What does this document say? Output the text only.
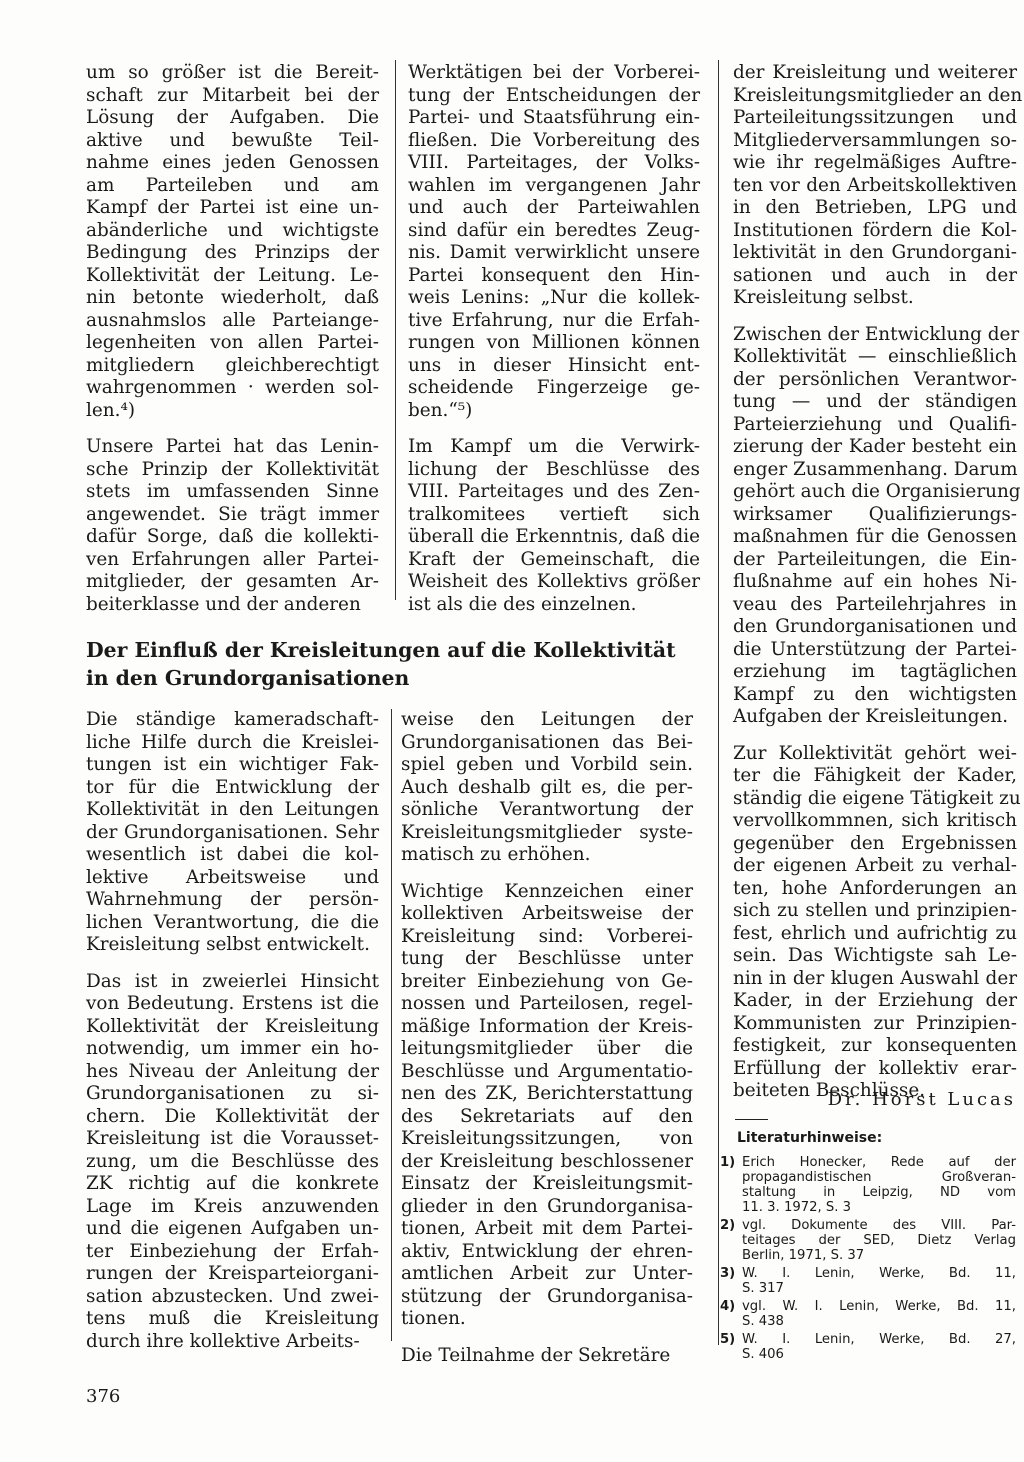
um so größer ist die Bereit-
schaft zur Mitarbeit bei der
Lösung der Aufgaben. Die
aktive und bewußte Teil-
nahme eines jeden Genossen
am Parteileben und am
Kampf der Partei ist eine un-
abänderliche und wichtigste
Bedingung des Prinzips der
Kollektivität der Leitung. Le-
nin betonte wiederholt, daß
ausnahmslos alle Parteiange-
legenheiten von allen Partei-
mitgliedern gleichberechtigt
wahrgenommen · werden sol-
len.⁴)

Unsere Partei hat das Lenin-
sche Prinzip der Kollektivität
stets im umfassenden Sinne
angewendet. Sie trägt immer
dafür Sorge, daß die kollekti-
ven Erfahrungen aller Partei-
mitglieder, der gesamten Ar-
beiterklasse und der anderen

Werktätigen bei der Vorberei-
tung der Entscheidungen der
Partei- und Staatsführung ein-
fließen. Die Vorbereitung des
VIII. Parteitages, der Volks-
wahlen im vergangenen Jahr
und auch der Parteiwahlen
sind dafür ein beredtes Zeug-
nis. Damit verwirklicht unsere
Partei konsequent den Hin-
weis Lenins: „Nur die kollek-
tive Erfahrung, nur die Erfah-
rungen von Millionen können
uns in dieser Hinsicht ent-
scheidende Fingerzeige ge-
ben.“⁵)

Im Kampf um die Verwirk-
lichung der Beschlüsse des
VIII. Parteitages und des Zen-
tralkomitees vertieft sich
überall die Erkenntnis, daß die
Kraft der Gemeinschaft, die
Weisheit des Kollektivs größer
ist als die des einzelnen.

der Kreisleitung und weiterer
Kreisleitungsmitglieder an den
Parteileitungssitzungen und
Mitgliederversammlungen so-
wie ihr regelmäßiges Auftre-
ten vor den Arbeitskollektiven
in den Betrieben, LPG und
Institutionen fördern die Kol-
lektivität in den Grundorgani-
sationen und auch in der
Kreisleitung selbst.

Zwischen der Entwicklung der
Kollektivität — einschließlich
der persönlichen Verantwor-
tung — und der ständigen
Parteierziehung und Qualifi-
zierung der Kader besteht ein
enger Zusammenhang. Darum
gehört auch die Organisierung
wirksamer Qualifizierungs-
maßnahmen für die Genossen
der Parteileitungen, die Ein-
flußnahme auf ein hohes Ni-
veau des Parteilehrjahres in
den Grundorganisationen und
die Unterstützung der Partei-
erziehung im tagtäglichen
Kampf zu den wichtigsten
Aufgaben der Kreisleitungen.

Zur Kollektivität gehört wei-
ter die Fähigkeit der Kader,
ständig die eigene Tätigkeit zu
vervollkommnen, sich kritisch
gegenüber den Ergebnissen
der eigenen Arbeit zu verhal-
ten, hohe Anforderungen an
sich zu stellen und prinzipien-
fest, ehrlich und aufrichtig zu
sein. Das Wichtigste sah Le-
nin in der klugen Auswahl der
Kader, in der Erziehung der
Kommunisten zur Prinzipien-
festigkeit, zur konsequenten
Erfüllung der kollektiv erar-
beiteten Beschlüsse.

Der Einfluß der Kreisleitungen auf die Kollektivität
in den Grundorganisationen

Die ständige kameradschaft-
liche Hilfe durch die Kreislei-
tungen ist ein wichtiger Fak-
tor für die Entwicklung der
Kollektivität in den Leitungen
der Grundorganisationen. Sehr
wesentlich ist dabei die kol-
lektive Arbeitsweise und
Wahrnehmung der persön-
lichen Verantwortung, die die
Kreisleitung selbst entwickelt.

Das ist in zweierlei Hinsicht
von Bedeutung. Erstens ist die
Kollektivität der Kreisleitung
notwendig, um immer ein ho-
hes Niveau der Anleitung der
Grundorganisationen zu si-
chern. Die Kollektivität der
Kreisleitung ist die Vorausset-
zung, um die Beschlüsse des
ZK richtig auf die konkrete
Lage im Kreis anzuwenden
und die eigenen Aufgaben un-
ter Einbeziehung der Erfah-
rungen der Kreisparteiorgani-
sation abzustecken. Und zwei-
tens muß die Kreisleitung
durch ihre kollektive Arbeits-

weise den Leitungen der
Grundorganisationen das Bei-
spiel geben und Vorbild sein.
Auch deshalb gilt es, die per-
sönliche Verantwortung der
Kreisleitungsmitglieder syste-
matisch zu erhöhen.

Wichtige Kennzeichen einer
kollektiven Arbeitsweise der
Kreisleitung sind: Vorberei-
tung der Beschlüsse unter
breiter Einbeziehung von Ge-
nossen und Parteilosen, regel-
mäßige Information der Kreis-
leitungsmitglieder über die
Beschlüsse und Argumentatio-
nen des ZK, Berichterstattung
des Sekretariats auf den
Kreisleitungssitzungen, von
der Kreisleitung beschlossener
Einsatz der Kreisleitungsmit-
glieder in den Grundorganisa-
tionen, Arbeit mit dem Partei-
aktiv, Entwicklung der ehren-
amtlichen Arbeit zur Unter-
stützung der Grundorganisa-
tionen.

Die Teilnahme der Sekretäre

Dr. Horst Lucas

Literaturhinweise:

1) Erich Honecker, Rede auf der
propagandistischen Großveran-
staltung in Leipzig, ND vom
11. 3. 1972, S. 3
2) vgl. Dokumente des VIII. Par-
teitages der SED, Dietz Verlag
Berlin, 1971, S. 37
3) W. I. Lenin, Werke, Bd. 11,
S. 317
4) vgl. W. I. Lenin, Werke, Bd. 11,
S. 438
5) W. I. Lenin, Werke, Bd. 27,
S. 406

376
